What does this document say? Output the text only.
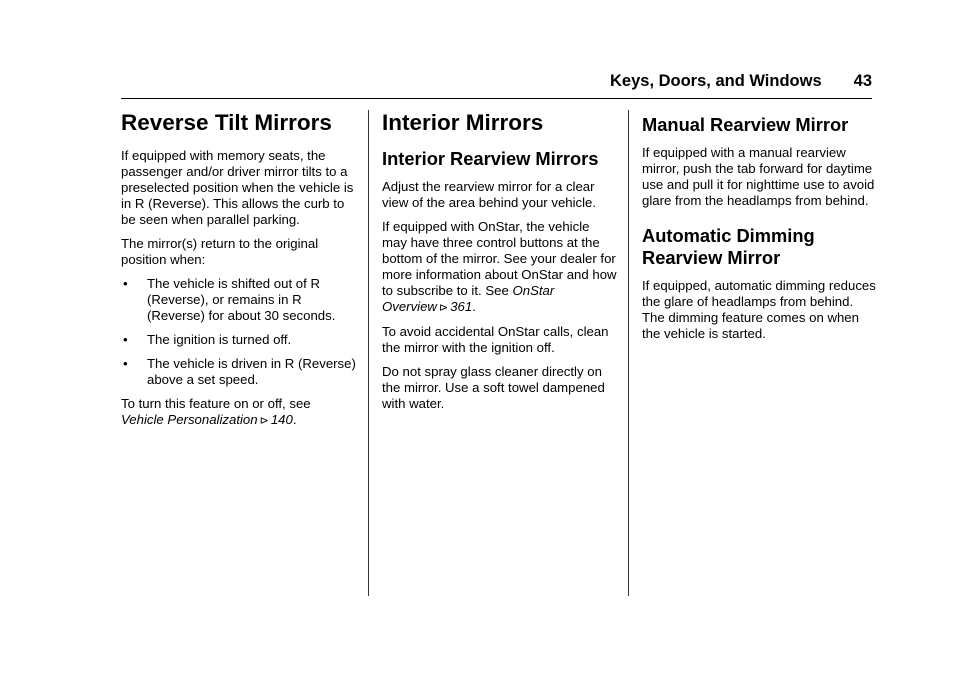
Keys, Doors, and Windows 43
Reverse Tilt Mirrors

If equipped with memory seats, the passenger and/or driver mirror tilts to a preselected position when the vehicle is in R (Reverse). This allows the curb to be seen when parallel parking.

The mirror(s) return to the original position when:

•	The vehicle is shifted out of R (Reverse), or remains in R (Reverse) for about 30 seconds.
•	The ignition is turned off.
•	The vehicle is driven in R (Reverse) above a set speed.

To turn this feature on or off, see
Vehicle Personalization ⊳ 140.

Interior Mirrors
Interior Rearview Mirrors

Adjust the rearview mirror for a clear view of the area behind your vehicle.

If equipped with OnStar, the vehicle may have three control buttons at the bottom of the mirror. See your dealer for more information about OnStar and how to subscribe to it. See OnStar Overview ⊳ 361.

To avoid accidental OnStar calls, clean the mirror with the ignition off.

Do not spray glass cleaner directly on the mirror. Use a soft towel dampened with water.

Manual Rearview Mirror

If equipped with a manual rearview mirror, push the tab forward for daytime use and pull it for nighttime use to avoid glare from the headlamps from behind.

Automatic Dimming Rearview Mirror

If equipped, automatic dimming reduces the glare of headlamps from behind. The dimming feature comes on when the vehicle is started.
